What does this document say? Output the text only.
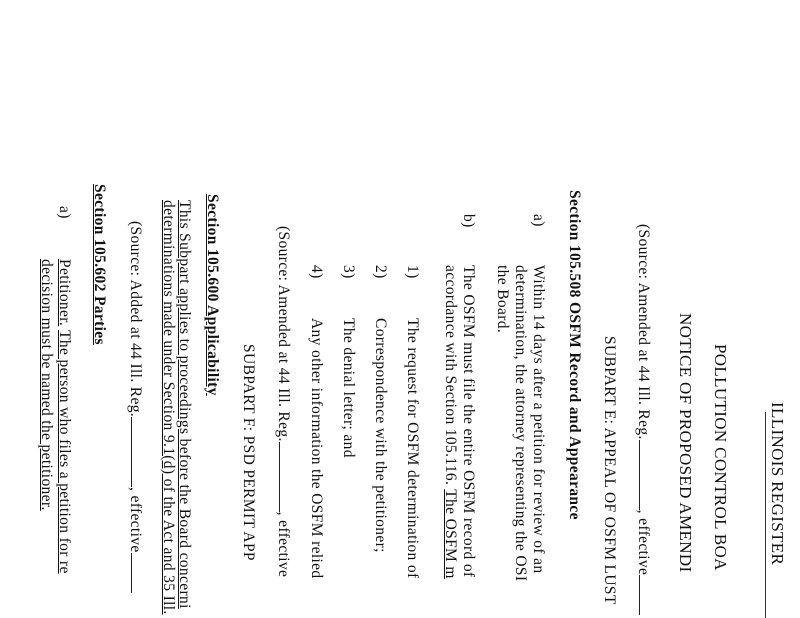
ILLINOIS REGISTER
POLLUTION CONTROL BOA
NOTICE OF PROPOSED AMENDI
(Source: Amended at 44 Ill. Reg., effective
SUBPART E: APPEAL OF OSFM LUST
Section 105.508 OSFM Record and Appearance
a)
Within 14 days after a petition for review of an
determination, the attorney representing the OSI
the Board.
b)
The OSFM must file the entire OSFM record of
accordance with Section 105.116. The OSFM m
1)
The request for OSFM determination of
2)
Correspondence with the petitioner;
3)
The denial letter; and
4)
Any other information the OSFM relied
(Source: Amended at 44 Ill. Reg., effective
SUBPART F: PSD PERMIT APP
Section 105.600 Applicability
This Subpart applies to proceedings before the Board concerni
determinations made under Section 9.1(d) of the Act and 35 Ill.
(Source: Added at 44 Ill. Reg., effective
Section 105.602 Parties
a)
Petitioner. The person who files a petition for re
decision must be named the petitioner.
